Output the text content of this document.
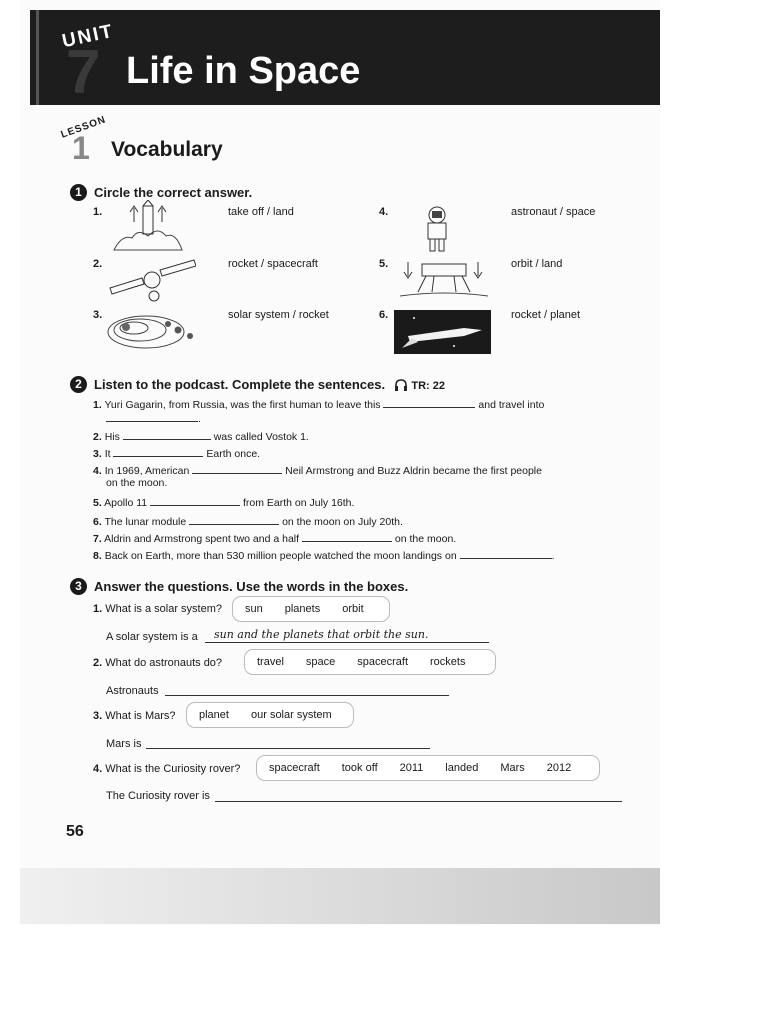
7
UNIT
Life in Space
LESSON
1 Vocabulary
1 Circle the correct answer.
1.	take off / land
2.	rocket / spacecraft
3.	solar system / rocket
4.	astronaut / space
5.	orbit / land
6.	rocket / planet
2 Listen to the podcast. Complete the sentences. TR: 22
1. Yuri Gagarin, from Russia, was the first human to leave this	and travel into
.
2. His	was called Vostok 1.
3. It	Earth once.
4. In 1969, American	Neil Armstrong and Buzz Aldrin became the first people
on the moon.
5. Apollo 11	from Earth on July 16th.
6. The lunar module	on the moon on July 20th.
7. Aldrin and Armstrong spent two and a half	on the moon.
8. Back on Earth, more than 530 million people watched the moon landings on	.
3 Answer the questions. Use the words in the boxes.
1. What is a solar system? sun planets orbit
A solar system is a sun and the planets that orbit the sun.
2. What do astronauts do?	travel space spacecraft rockets
Astronauts
3. What is Mars? planet our solar system
Mars is
4. What is the Curiosity rover?	spacecraft took off 2011 landed Mars 2012
The Curiosity rover is
56
